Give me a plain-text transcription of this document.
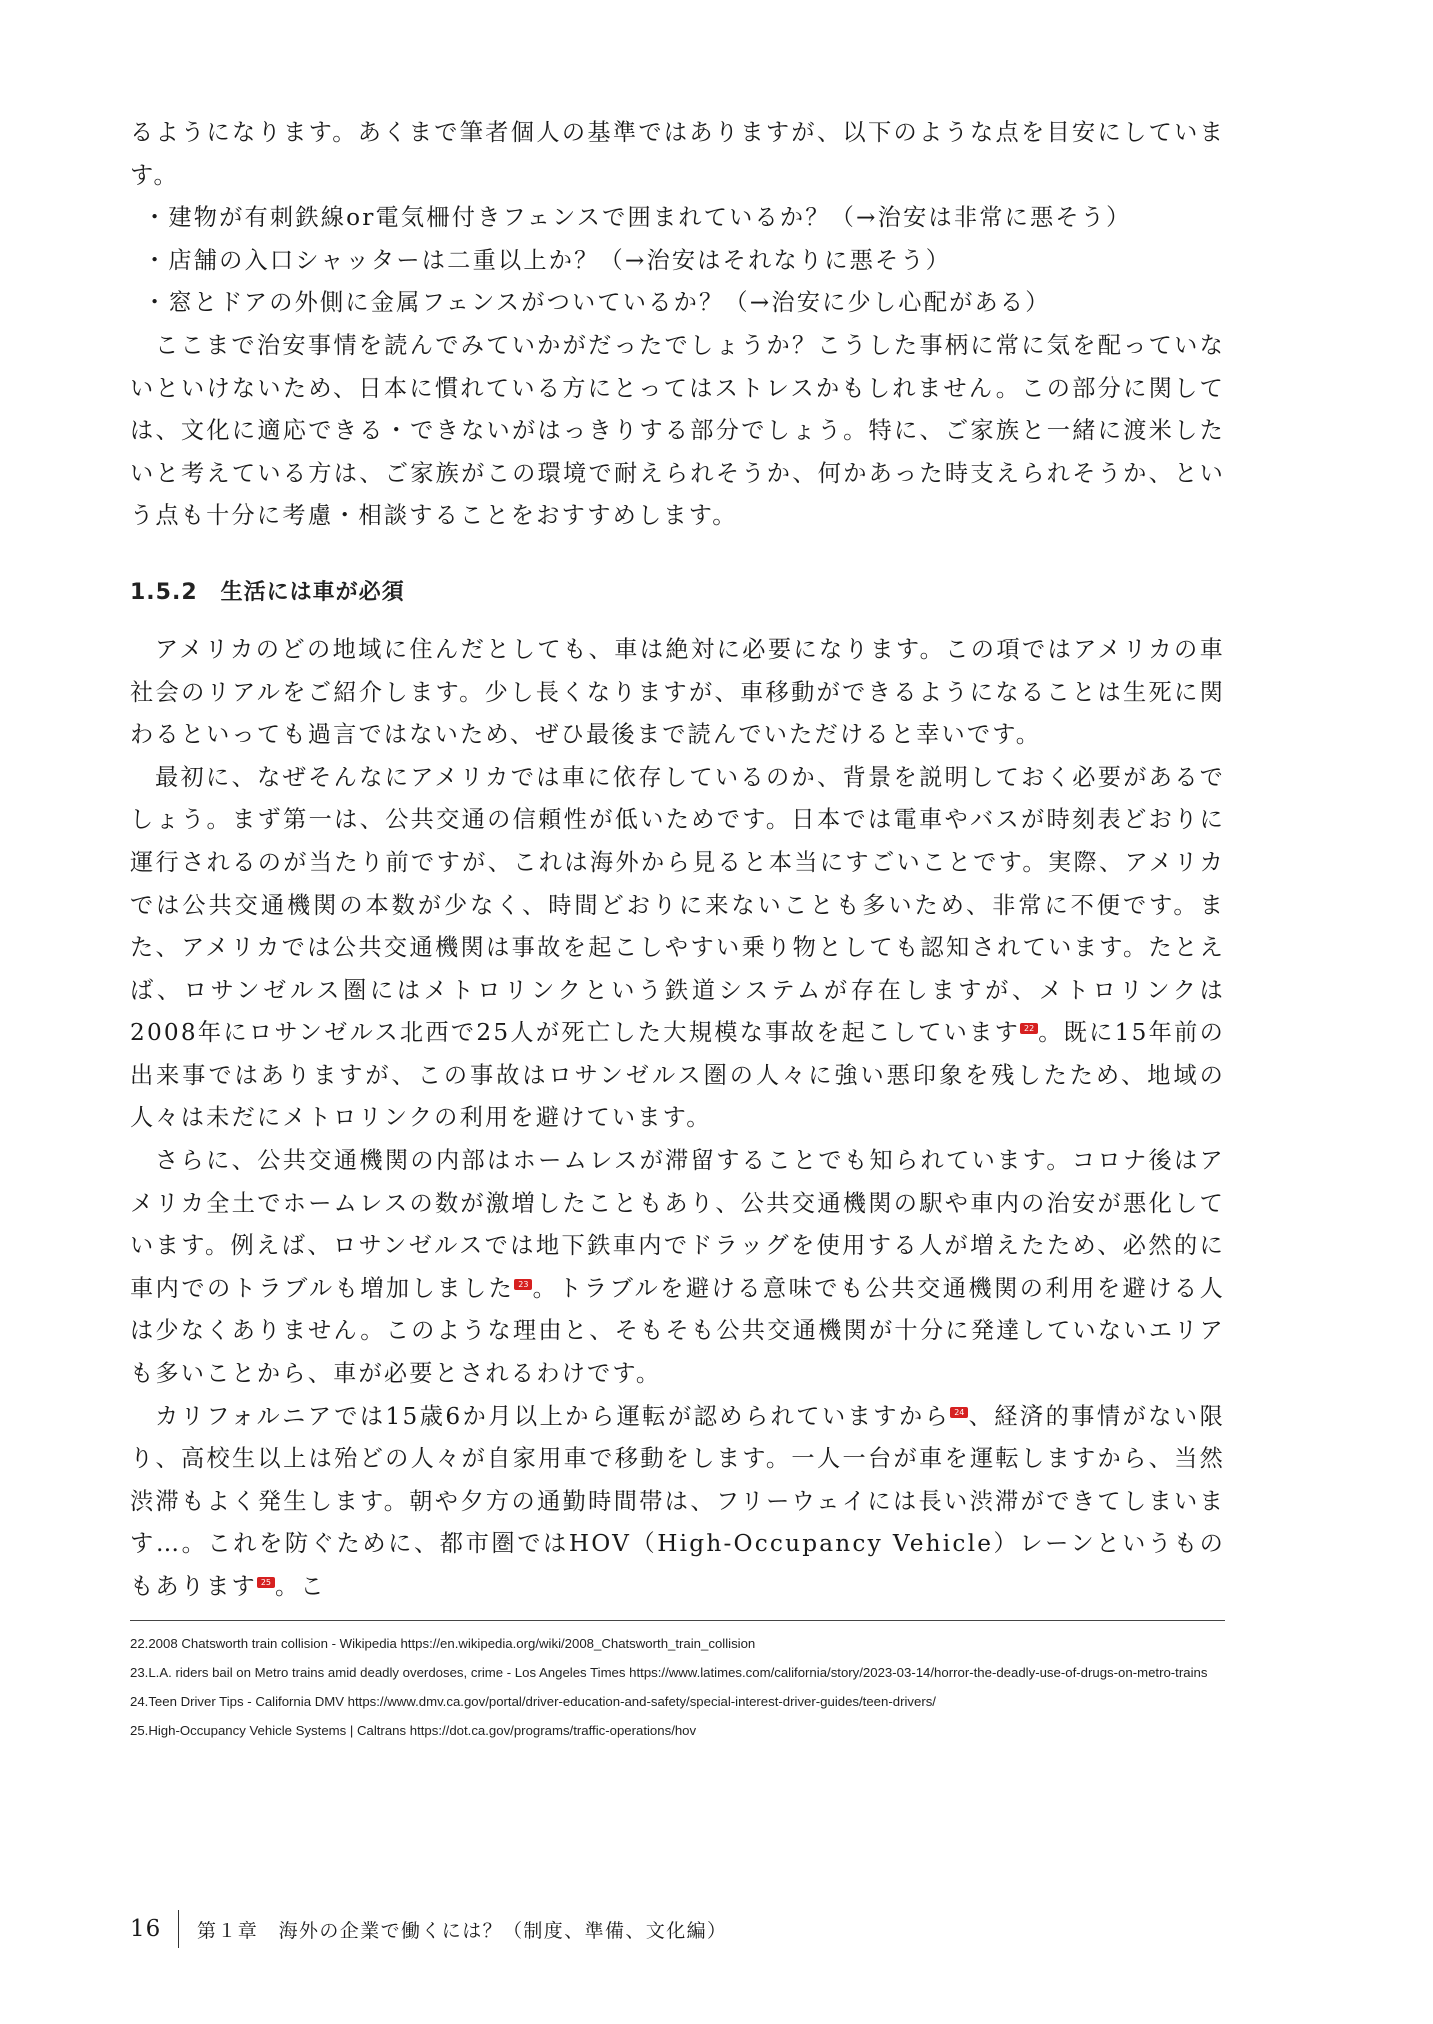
るようになります。あくまで筆者個人の基準ではありますが、以下のような点を目安にしています。

・建物が有刺鉄線or電気柵付きフェンスで囲まれているか？（→治安は非常に悪そう）
・店舗の入口シャッターは二重以上か？（→治安はそれなりに悪そう）
・窓とドアの外側に金属フェンスがついているか？（→治安に少し心配がある）

ここまで治安事情を読んでみていかがだったでしょうか？こうした事柄に常に気を配っていないといけないため、日本に慣れている方にとってはストレスかもしれません。この部分に関しては、文化に適応できる・できないがはっきりする部分でしょう。特に、ご家族と一緒に渡米したいと考えている方は、ご家族がこの環境で耐えられそうか、何かあった時支えられそうか、という点も十分に考慮・相談することをおすすめします。

1.5.2 生活には車が必須

アメリカのどの地域に住んだとしても、車は絶対に必要になります。この項ではアメリカの車社会のリアルをご紹介します。少し長くなりますが、車移動ができるようになることは生死に関わるといっても過言ではないため、ぜひ最後まで読んでいただけると幸いです。

最初に、なぜそんなにアメリカでは車に依存しているのか、背景を説明しておく必要があるでしょう。まず第一は、公共交通の信頼性が低いためです。日本では電車やバスが時刻表どおりに運行されるのが当たり前ですが、これは海外から見ると本当にすごいことです。実際、アメリカでは公共交通機関の本数が少なく、時間どおりに来ないことも多いため、非常に不便です。また、アメリカでは公共交通機関は事故を起こしやすい乗り物としても認知されています。たとえば、ロサンゼルス圏にはメトロリンクという鉄道システムが存在しますが、メトロリンクは2008年にロサンゼルス北西で25人が死亡した大規模な事故を起こしています 22 。既に15年前の出来事ではありますが、この事故はロサンゼルス圏の人々に強い悪印象を残したため、地域の人々は未だにメトロリンクの利用を避けています。

さらに、公共交通機関の内部はホームレスが滞留することでも知られています。コロナ後はアメリカ全土でホームレスの数が激増したこともあり、公共交通機関の駅や車内の治安が悪化しています。例えば、ロサンゼルスでは地下鉄車内でドラッグを使用する人が増えたため、必然的に車内でのトラブルも増加しました 23 。トラブルを避ける意味でも公共交通機関の利用を避ける人は少なくありません。このような理由と、そもそも公共交通機関が十分に発達していないエリアも多いことから、車が必要とされるわけです。

カリフォルニアでは15歳6か月以上から運転が認められていますから 24 、経済的事情がない限り、高校生以上は殆どの人々が自家用車で移動をします。一人一台が車を運転しますから、当然渋滞もよく発生します。朝や夕方の通勤時間帯は、フリーウェイには長い渋滞ができてしまいます…。これを防ぐために、都市圏ではHOV（High-Occupancy Vehicle）レーンというものもあります 25 。こ

22.2008 Chatsworth train collision - Wikipedia https://en.wikipedia.org/wiki/2008_Chatsworth_train_collision

23.L.A. riders bail on Metro trains amid deadly overdoses, crime - Los Angeles Times https://www.latimes.com/california/story/2023-03-14/horror-the-deadly-use-of-drugs-on-metro-trains

24.Teen Driver Tips - California DMV https://www.dmv.ca.gov/portal/driver-education-and-safety/special-interest-driver-guides/teen-drivers/

25.High-Occupancy Vehicle Systems | Caltrans https://dot.ca.gov/programs/traffic-operations/hov

16	第１章　海外の企業で働くには？（制度、準備、文化編）
